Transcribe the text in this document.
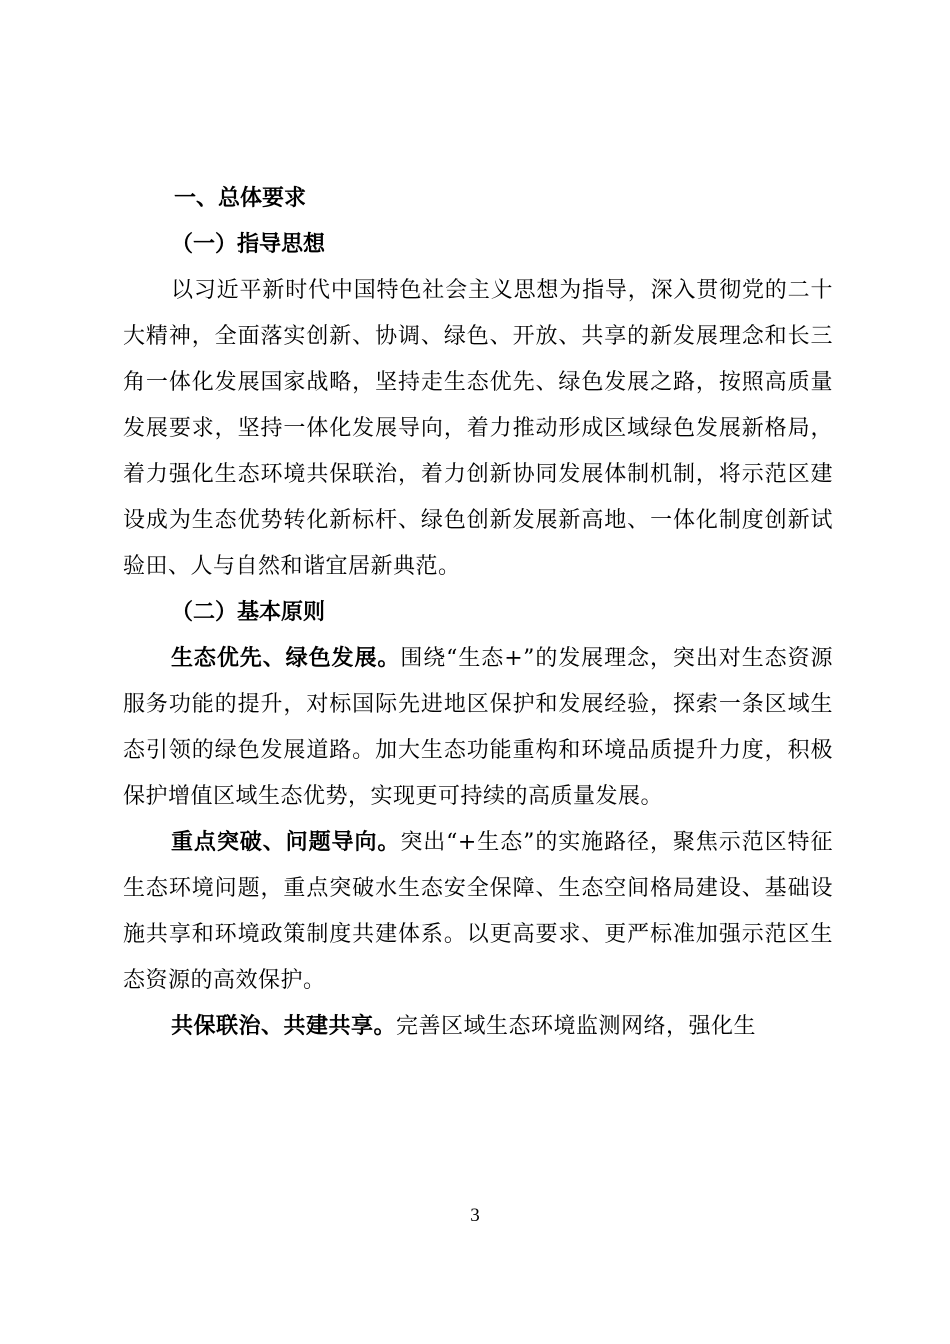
一、总体要求

（一）指导思想

以习近平新时代中国特色社会主义思想为指导，深入贯彻党的二十大精神，全面落实创新、协调、绿色、开放、共享的新发展理念和长三角一体化发展国家战略，坚持走生态优先、绿色发展之路，按照高质量发展要求，坚持一体化发展导向，着力推动形成区域绿色发展新格局，着力强化生态环境共保联治，着力创新协同发展体制机制，将示范区建设成为生态优势转化新标杆、绿色创新发展新高地、一体化制度创新试验田、人与自然和谐宜居新典范。

（二）基本原则

生态优先、绿色发展。围绕“生态+”的发展理念，突出对生态资源服务功能的提升，对标国际先进地区保护和发展经验，探索一条区域生态引领的绿色发展道路。加大生态功能重构和环境品质提升力度，积极保护增值区域生态优势，实现更可持续的高质量发展。

重点突破、问题导向。突出“+生态”的实施路径，聚焦示范区特征生态环境问题，重点突破水生态安全保障、生态空间格局建设、基础设施共享和环境政策制度共建体系。以更高要求、更严标准加强示范区生态资源的高效保护。

共保联治、共建共享。完善区域生态环境监测网络，强化生

3
